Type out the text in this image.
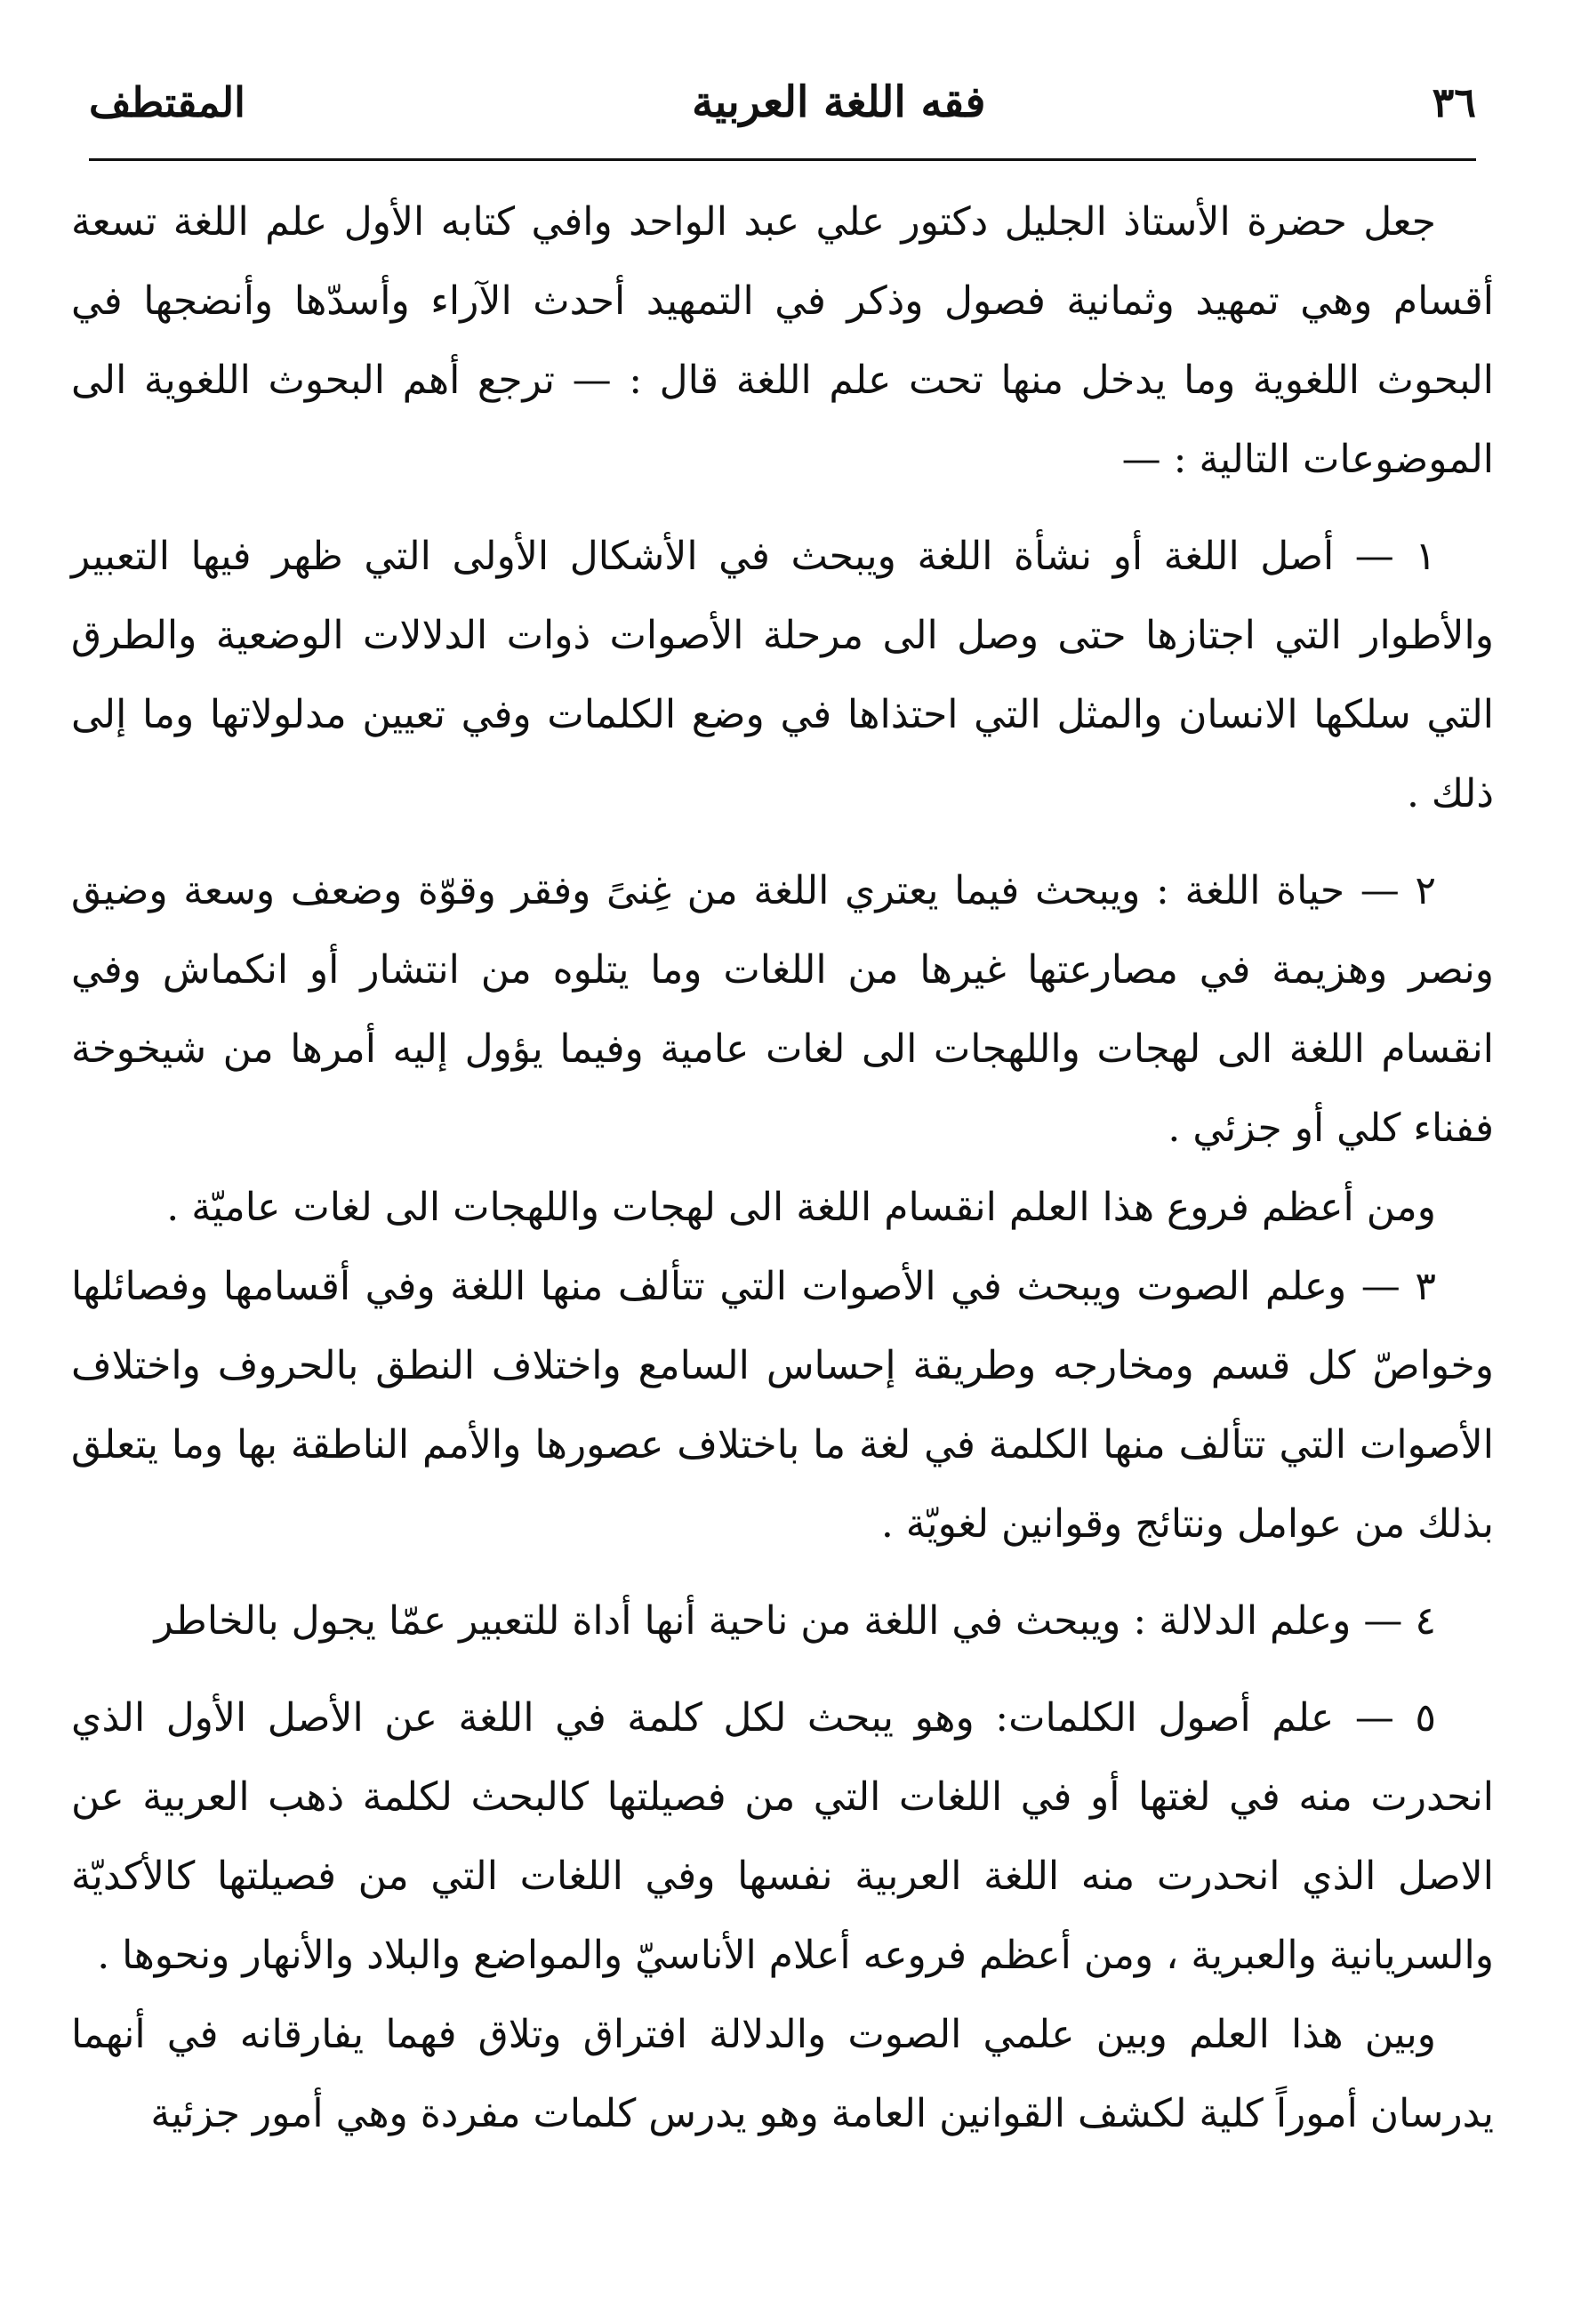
٣٦
فقه اللغة العربية
المقتطف

جعل حضرة الأستاذ الجليل دكتور علي عبد الواحد وافي كتابه الأول علم اللغة تسعة أقسام وهي تمهيد وثمانية فصول وذكر في التمهيد أحدث الآراء وأسدّها وأنضجها في البحوث اللغوية وما يدخل منها تحت علم اللغة قال : — ترجع أهم البحوث اللغوية الى الموضوعات التالية : —

١ — أصل اللغة أو نشأة اللغة ويبحث في الأشكال الأولى التي ظهر فيها التعبير والأطوار التي اجتازها حتى وصل الى مرحلة الأصوات ذوات الدلالات الوضعية والطرق التي سلكها الانسان والمثل التي احتذاها في وضع الكلمات وفي تعيين مدلولاتها وما إلى ذلك .

٢ — حياة اللغة : ويبحث فيما يعتري اللغة من غِنىً وفقر وقوّة وضعف وسعة وضيق ونصر وهزيمة في مصارعتها غيرها من اللغات وما يتلوه من انتشار أو انكماش وفي انقسام اللغة الى لهجات واللهجات الى لغات عامية وفيما يؤول إليه أمرها من شيخوخة ففناء كلي أو جزئي .

ومن أعظم فروع هذا العلم انقسام اللغة الى لهجات واللهجات الى لغات عاميّة .

٣ — وعلم الصوت ويبحث في الأصوات التي تتألف منها اللغة وفي أقسامها وفصائلها وخواصّ كل قسم ومخارجه وطريقة إحساس السامع واختلاف النطق بالحروف واختلاف الأصوات التي تتألف منها الكلمة في لغة ما باختلاف عصورها والأمم الناطقة بها وما يتعلق بذلك من عوامل ونتائج وقوانين لغويّة .

٤ — وعلم الدلالة : ويبحث في اللغة من ناحية أنها أداة للتعبير عمّا يجول بالخاطر

٥ — علم أصول الكلمات: وهو يبحث لكل كلمة في اللغة عن الأصل الأول الذي انحدرت منه في لغتها أو في اللغات التي من فصيلتها كالبحث لكلمة ذهب العربية عن الاصل الذي انحدرت منه اللغة العربية نفسها وفي اللغات التي من فصيلتها كالأكديّة والسريانية والعبرية ، ومن أعظم فروعه أعلام الأناسيّ والمواضع والبلاد والأنهار ونحوها .

وبين هذا العلم وبين علمي الصوت والدلالة افتراق وتلاق فهما يفارقانه في أنهما يدرسان أموراً كلية لكشف القوانين العامة وهو يدرس كلمات مفردة وهي أمور جزئية
